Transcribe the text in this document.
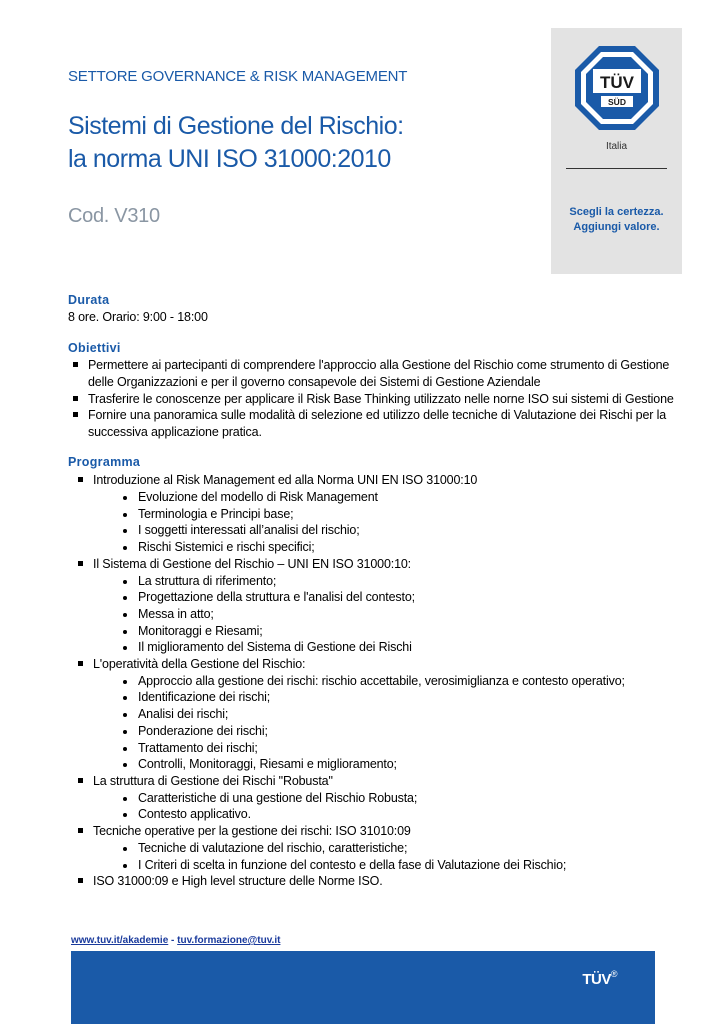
SETTORE GOVERNANCE & RISK MANAGEMENT
Sistemi di Gestione del Rischio:
la norma UNI ISO 31000:2010
Cod. V310
TÜV
SÜD
Italia
Scegli la certezza.
Aggiungi valore.
Durata
8 ore. Orario: 9:00 - 18:00
Obiettivi
Permettere ai partecipanti di comprendere l'approccio alla Gestione del Rischio come strumento di Gestione delle Organizzazioni e per il governo consapevole dei Sistemi di Gestione Aziendale
Trasferire le conoscenze per applicare il Risk Base Thinking utilizzato nelle norne ISO sui sistemi di Gestione
Fornire una panoramica sulle modalità di selezione ed utilizzo delle tecniche di Valutazione dei Rischi per la successiva applicazione pratica.
Programma
Introduzione al Risk Management ed alla Norma UNI EN ISO 31000:10
Evoluzione del modello di Risk Management
Terminologia e Principi base;
I soggetti interessati all’analisi del rischio;
Rischi Sistemici e rischi specifici;
Il Sistema di Gestione del Rischio – UNI EN ISO 31000:10:
La struttura di riferimento;
Progettazione della struttura e l'analisi del contesto;
Messa in atto;
Monitoraggi e Riesami;
Il miglioramento del Sistema di Gestione dei Rischi
L'operatività della Gestione del Rischio:
Approccio alla gestione dei rischi: rischio accettabile, verosimiglianza e contesto operativo;
Identificazione dei rischi;
Analisi dei rischi;
Ponderazione dei rischi;
Trattamento dei rischi;
Controlli, Monitoraggi, Riesami e miglioramento;
La struttura di Gestione dei Rischi "Robusta"
Caratteristiche di una gestione del Rischio Robusta;
Contesto applicativo.
Tecniche operative per la gestione dei rischi: ISO 31010:09
Tecniche di valutazione del rischio, caratteristiche;
I Criteri di scelta in funzione del contesto e della fase di Valutazione dei Rischio;
ISO 31000:09 e High level structure delle Norme ISO.
www.tuv.it/akademie - tuv.formazione@tuv.it
TÜV®
